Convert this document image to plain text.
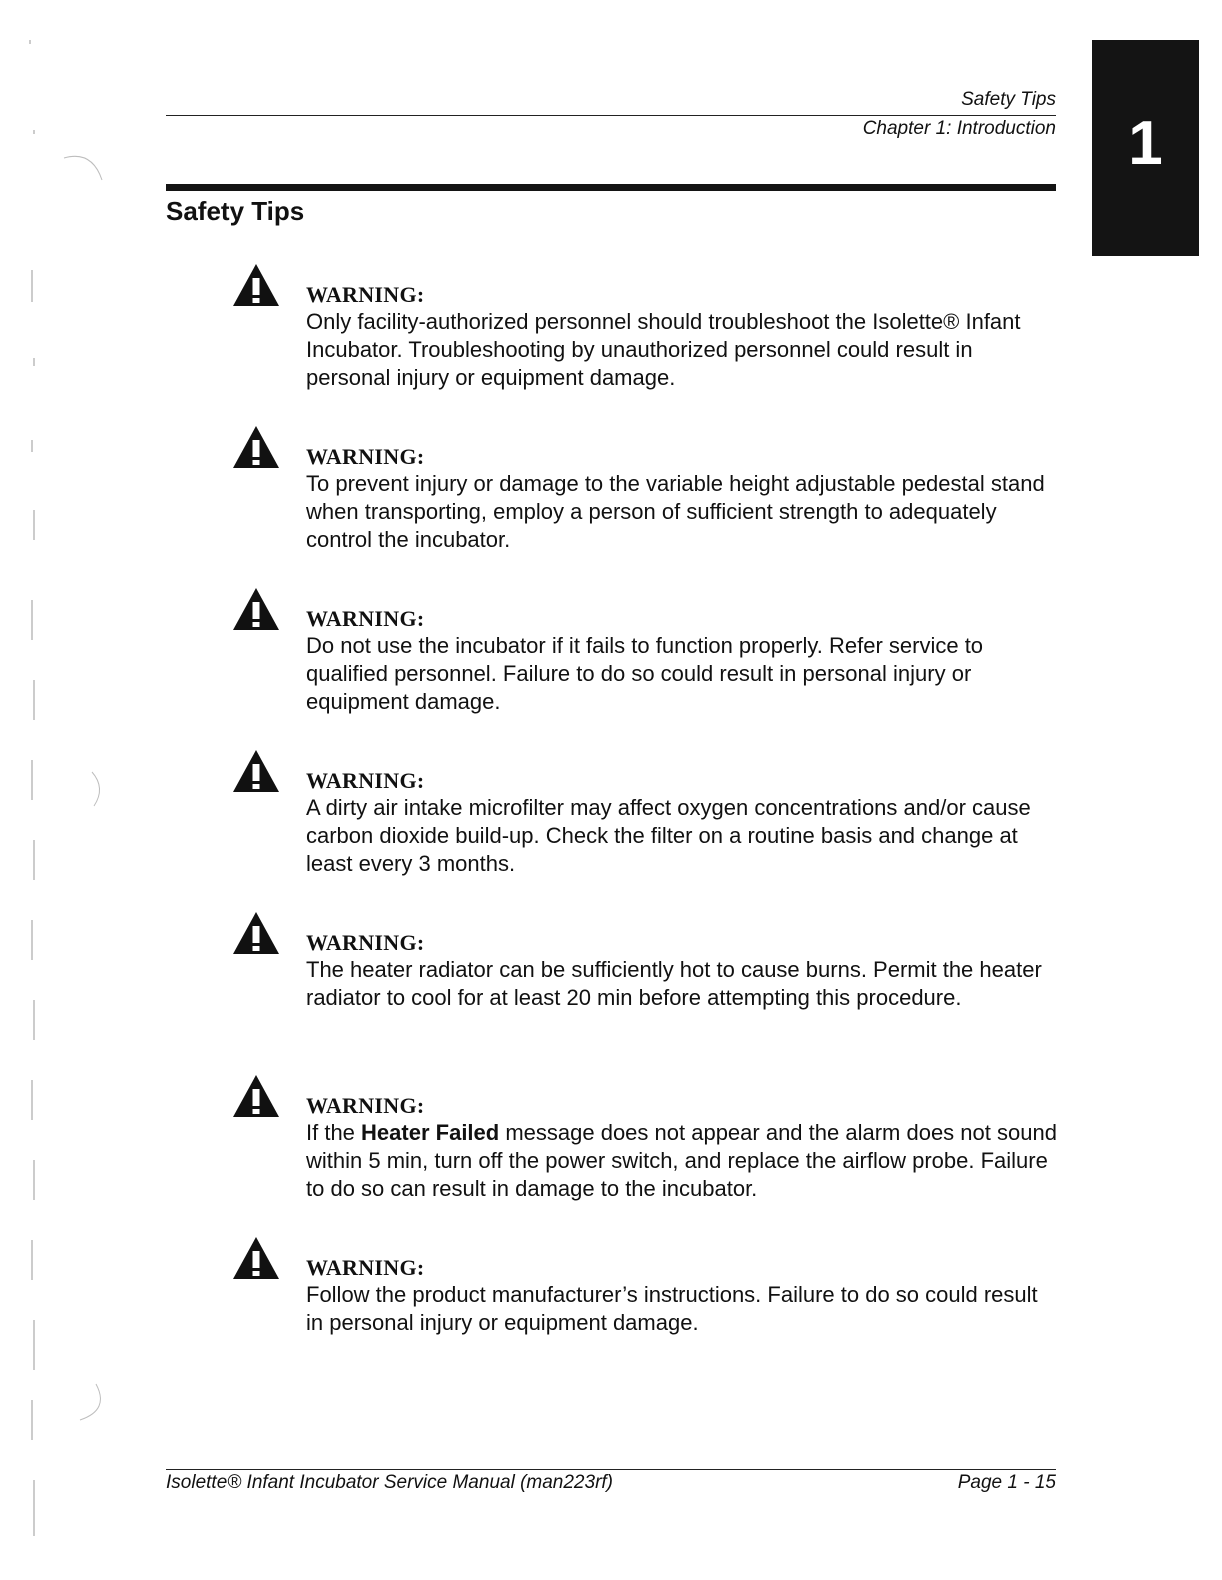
1
Safety Tips
Chapter 1: Introduction
Safety Tips
WARNING:

Only facility-authorized personnel should troubleshoot the Isolette® Infant Incubator. Troubleshooting by unauthorized personnel could result in personal injury or equipment damage.

WARNING:

To prevent injury or damage to the variable height adjustable pedestal stand when transporting, employ a person of sufficient strength to adequately control the incubator.

WARNING:

Do not use the incubator if it fails to function properly. Refer service to qualified personnel. Failure to do so could result in personal injury or equipment damage.

WARNING:

A dirty air intake microfilter may affect oxygen concentrations and/or cause carbon dioxide build-up. Check the filter on a routine basis and change at least every 3 months.

WARNING:

The heater radiator can be sufficiently hot to cause burns. Permit the heater radiator to cool for at least 20 min before attempting this procedure.

WARNING:

If the Heater Failed message does not appear and the alarm does not sound within 5 min, turn off the power switch, and replace the airflow probe. Failure to do so can result in damage to the incubator.

WARNING:

Follow the product manufacturer’s instructions. Failure to do so could result in personal injury or equipment damage.

Isolette® Infant Incubator Service Manual (man223rf)	Page 1 - 15
